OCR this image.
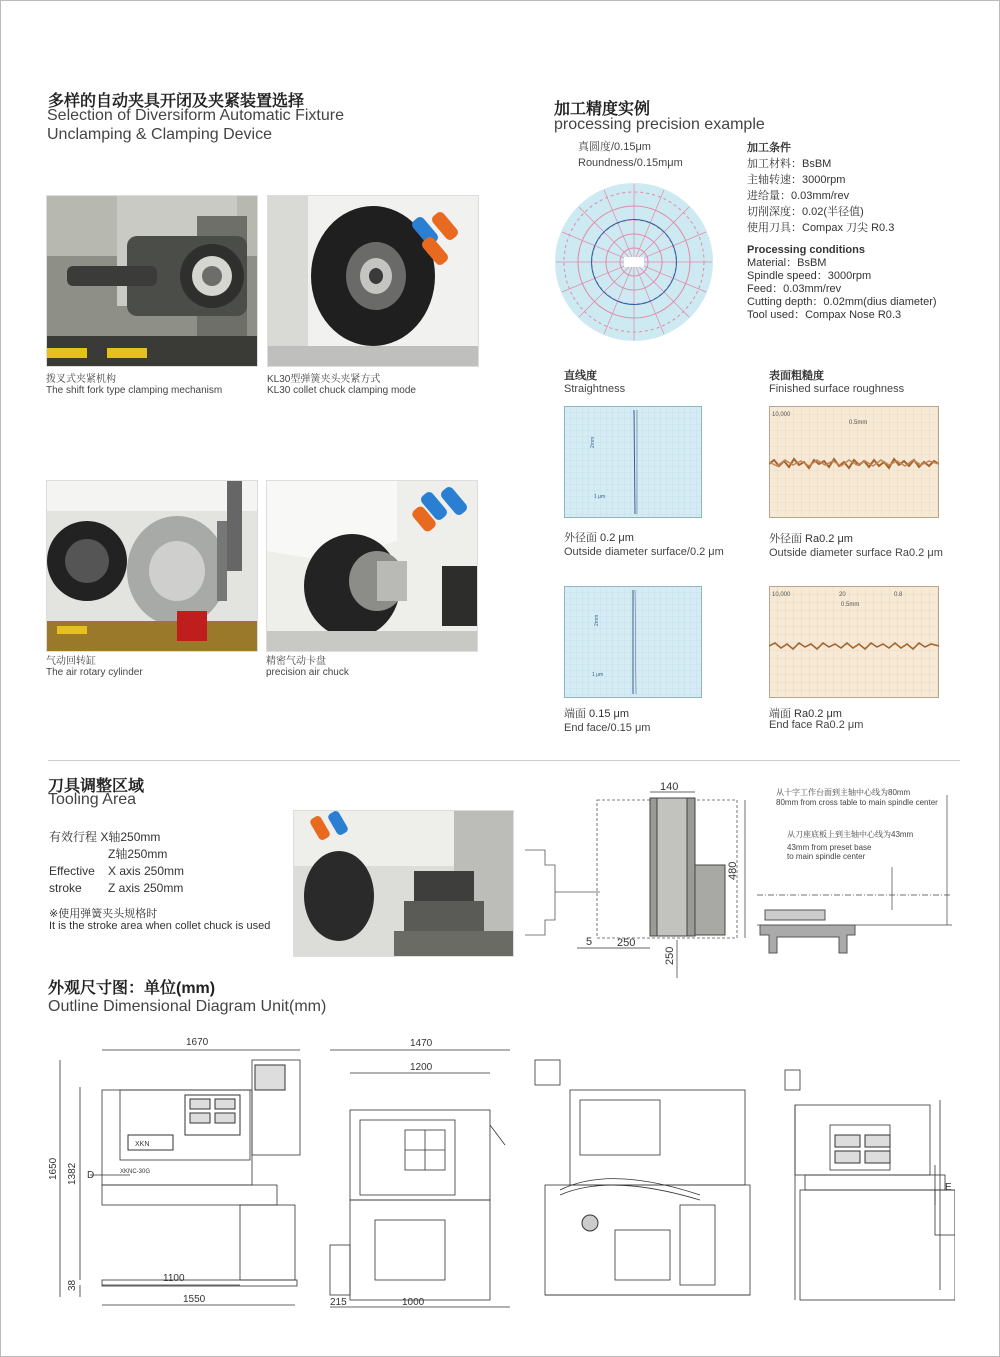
多样的自动夹具开闭及夹紧装置选择
Selection of Diversiform Automatic Fixture
Unclamping & Clamping Device
拨叉式夹紧机构
The shift fork type clamping mechanism
KL30型弹簧夹头夹紧方式
KL30 collet chuck clamping mode
气动回转缸
The air rotary cylinder
精密气动卡盘
precision air chuck
加工精度实例
processing precision example
真圆度/0.15μm
Roundness/0.15mμm
加工条件
加工材料：BsBM
主轴转速：3000rpm
进给量：0.03mm/rev
切削深度：0.02(半径值)
使用刀具：Compax 刀尖 R0.3
Processing conditions
Material：BsBM
Spindle speed：3000rpm
Feed：0.03mm/rev
Cutting depth：0.02mm(dius diameter)
Tool used：Compax Nose R0.3
直线度
Straightness
表面粗糙度
Finished surface roughness
1 μm
2mm
外径面 0.2 μm
Outside diameter surface/0.2 μm
10,000
0.5mm
外径面 Ra0.2 μm
Outside diameter surface Ra0.2 μm
1 μm
2mm
端面 0.15 μm
End face/0.15 μm
10,000	20	0.8
0.5mm
端面 Ra0.2 μm
End face Ra0.2 μm
刀具调整区域
Tooling Area
有效行程 X轴250mm
Z轴250mm
Effective X axis 250mm
stroke Z axis 250mm
※使用弹簧夹头规格时
It is the stroke area when collet chuck is used
140
480
5 250
250
从十字工作台面到主轴中心线为80mm
80mm from cross table to main spindle center
从刀座底板上到主轴中心线为43mm
43mm from preset base
to main spindle center
外观尺寸图：单位(mm)
Outline Dimensional Diagram Unit(mm)
1670
1650 1382 D
38
1100
1550
XKN
XKNC-30G
1470
1200
215	1000
E
